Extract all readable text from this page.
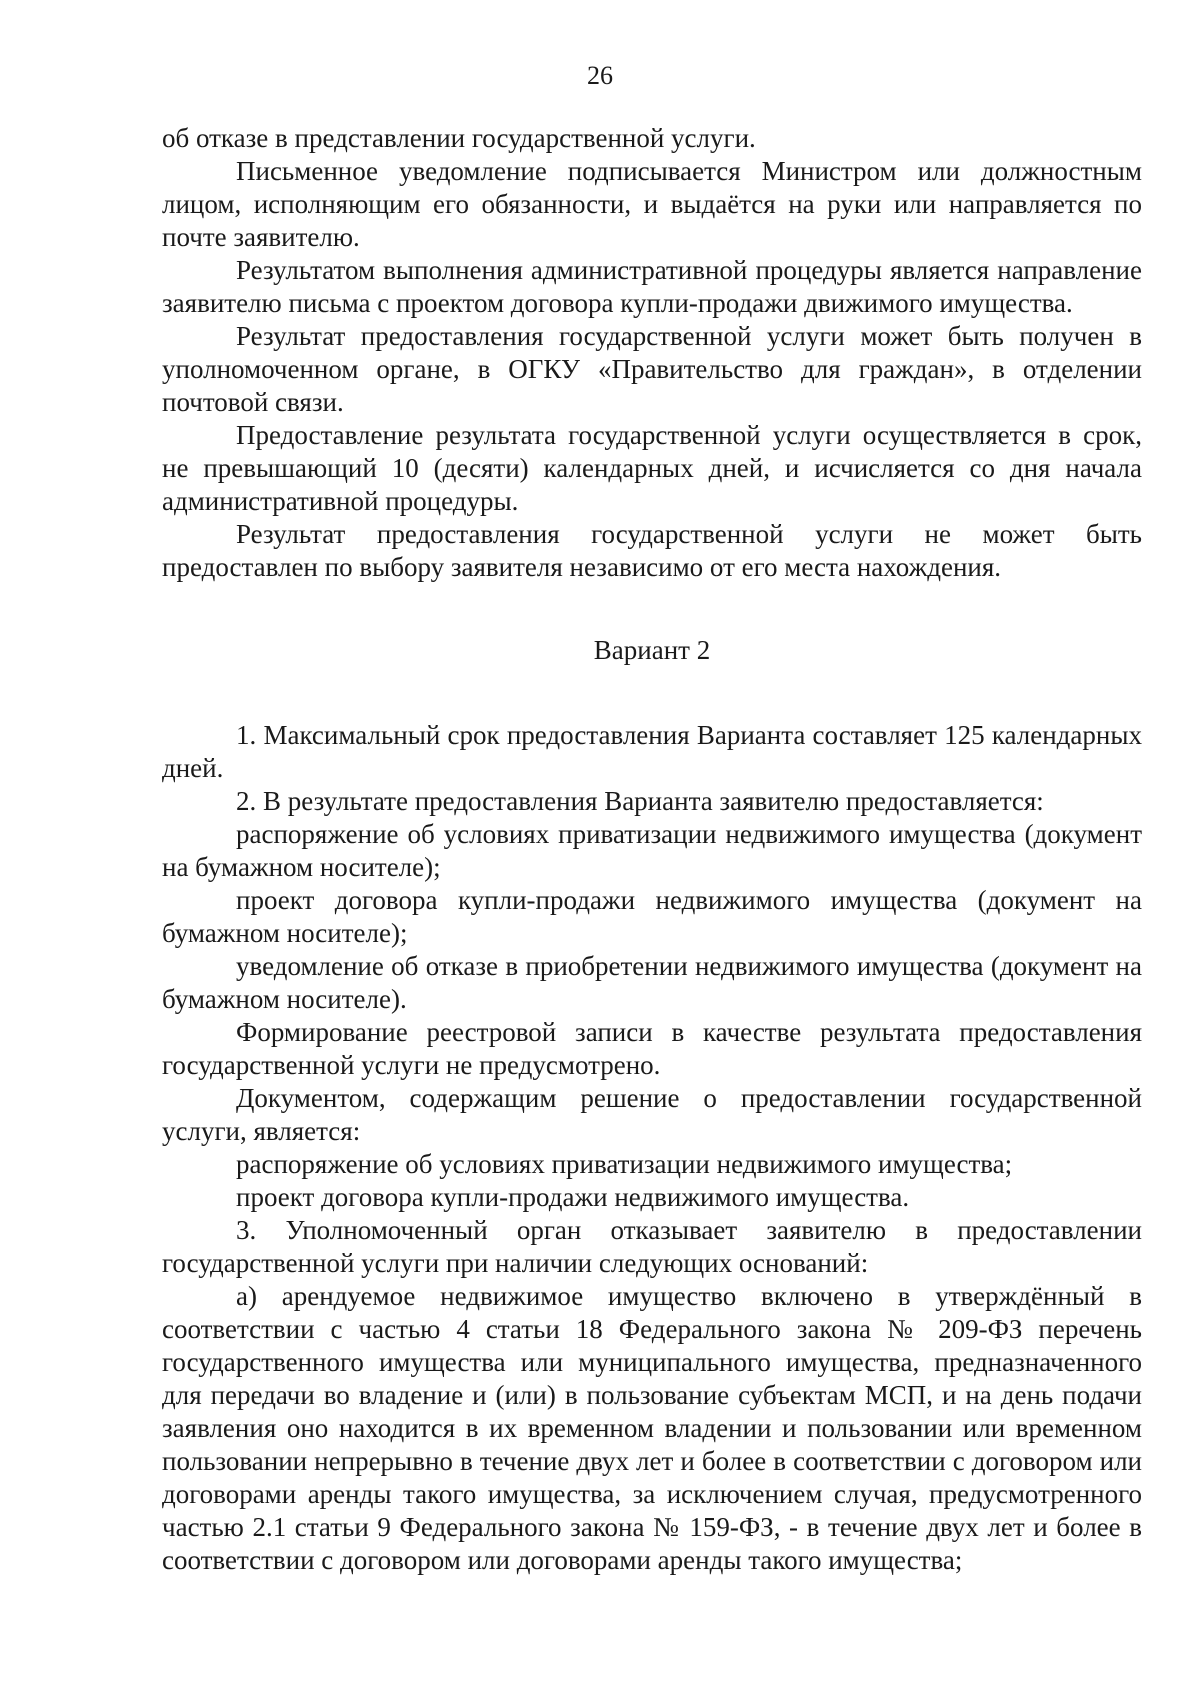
26

об отказе в представлении государственной услуги.

Письменное уведомление подписывается Министром или должностным лицом, исполняющим его обязанности, и выдаётся на руки или направляется по почте заявителю.

Результатом выполнения административной процедуры является направление заявителю письма с проектом договора купли-продажи движимого имущества.

Результат предоставления государственной услуги может быть получен в уполномоченном органе, в ОГКУ «Правительство для граждан», в отделении почтовой связи.

Предоставление результата государственной услуги осуществляется в срок, не превышающий 10 (десяти) календарных дней, и исчисляется со дня начала административной процедуры.

Результат предоставления государственной услуги не может быть предоставлен по выбору заявителя независимо от его места нахождения.

Вариант 2

1. Максимальный срок предоставления Варианта составляет 125 календарных дней.

2. В результате предоставления Варианта заявителю предоставляется:

распоряжение об условиях приватизации недвижимого имущества (документ на бумажном носителе);

проект договора купли-продажи недвижимого имущества (документ на бумажном носителе);

уведомление об отказе в приобретении недвижимого имущества (документ на бумажном носителе).

Формирование реестровой записи в качестве результата предоставления государственной услуги не предусмотрено.

Документом, содержащим решение о предоставлении государственной услуги, является:

распоряжение об условиях приватизации недвижимого имущества;

проект договора купли-продажи недвижимого имущества.

3. Уполномоченный орган отказывает заявителю в предоставлении государственной услуги при наличии следующих оснований:

а) арендуемое недвижимое имущество включено в утверждённый в соответствии с частью 4 статьи 18 Федерального закона № 209-ФЗ перечень государственного имущества или муниципального имущества, предназначенного для передачи во владение и (или) в пользование субъектам МСП, и на день подачи заявления оно находится в их временном владении и пользовании или временном пользовании непрерывно в течение двух лет и более в соответствии с договором или договорами аренды такого имущества, за исключением случая, предусмотренного частью 2.1 статьи 9 Федерального закона № 159-ФЗ, - в течение двух лет и более в соответствии с договором или договорами аренды такого имущества;
